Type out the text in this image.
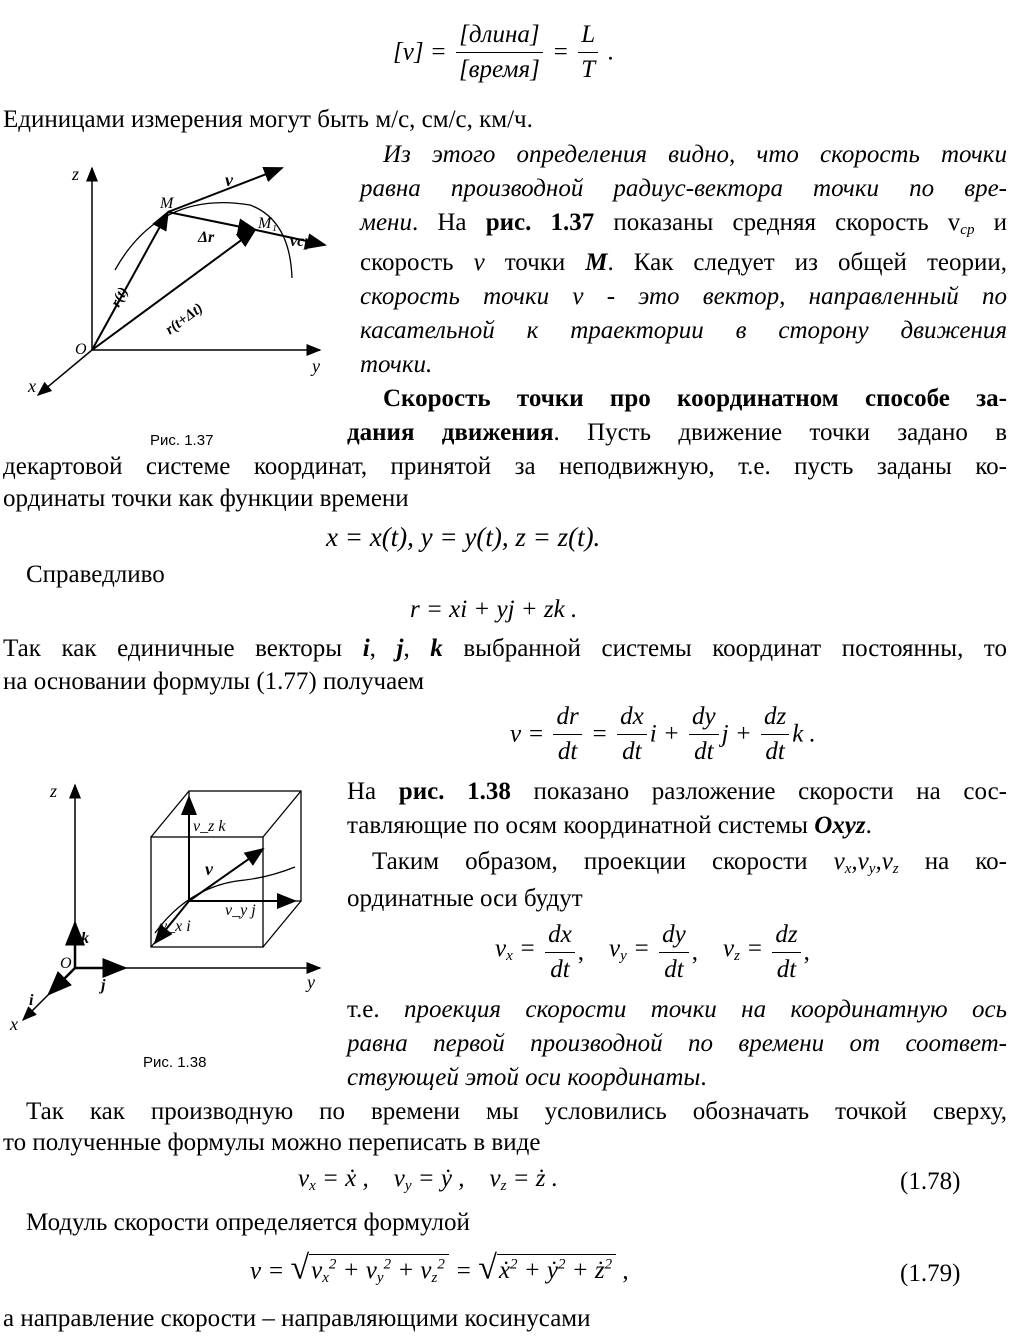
$[v] = \frac{\text{[длина]}}{\text{[время]}} = \frac{L}{T}$ .
Единицами измерения могут быть м/с, см/с, км/ч.
z
y
x
O
M
M₁
v
vср
Δr
r(t)
r(t+Δt)
Рис. 1.37
Из этого определения видно, что скорость точки
равна производной радиус-вектора точки по вре-
мени. На рис. 1.37 показаны средняя скорость $v_{ср}$ и
скорость v точки M. Как следует из общей теории,
скорость точки v - это вектор, направленный по
касательной к траектории в сторону движения
точки.
Скорость точки про координатном способе за-
дания движения. Пусть движение точки задано в
декартовой системе координат, принятой за неподвижную, т.е. пусть заданы ко-
ординаты точки как функции времени
x = x(t), y = y(t), z = z(t).
Справедливо
r = xi + yj + zk .
Так как единичные векторы i, j, k выбранной системы координат постоянны, то
на основании формулы (1.77) получаем
$v = \frac{dr}{dt} = \frac{dx}{dt}$ $i + \frac{dy}{dt}$ $j + \frac{dz}{dt}$ k .
z
y
x
O
k
j
i
v_z k
v
v_y j
v_x i
Рис. 1.38
На рис. 1.38 показано разложение скорости на сос-
тавляющие по осям координатной системы Oxyz.
Таким образом, проекции скорости $v_x,v_y,v_z$ на ко-
ординатные оси будут
$v_x = \frac{dx}{dt}$ ,    $v_y = \frac{dy}{dt}$ ,    $v_z = \frac{dz}{dt}$ ,
т.е. проекция скорости точки на координатную ось
равна первой производной по времени от соответ-
ствующей этой оси координаты.
Так как производную по времени мы условились обозначать точкой сверху,
то полученные формулы можно переписать в виде
$v_x$ = ẋ ,    $v_y$ = ẏ ,    $v_z$ = ż .	(1.78)
Модуль скорости определяется формулой
$v = √v_x^2 + v_y^2 + v_z^2$ = √ẋ$^2$ + ẏ$^2$ + $ż^2$ ,	(1.79)
а направление скорости – направляющими косинусами
